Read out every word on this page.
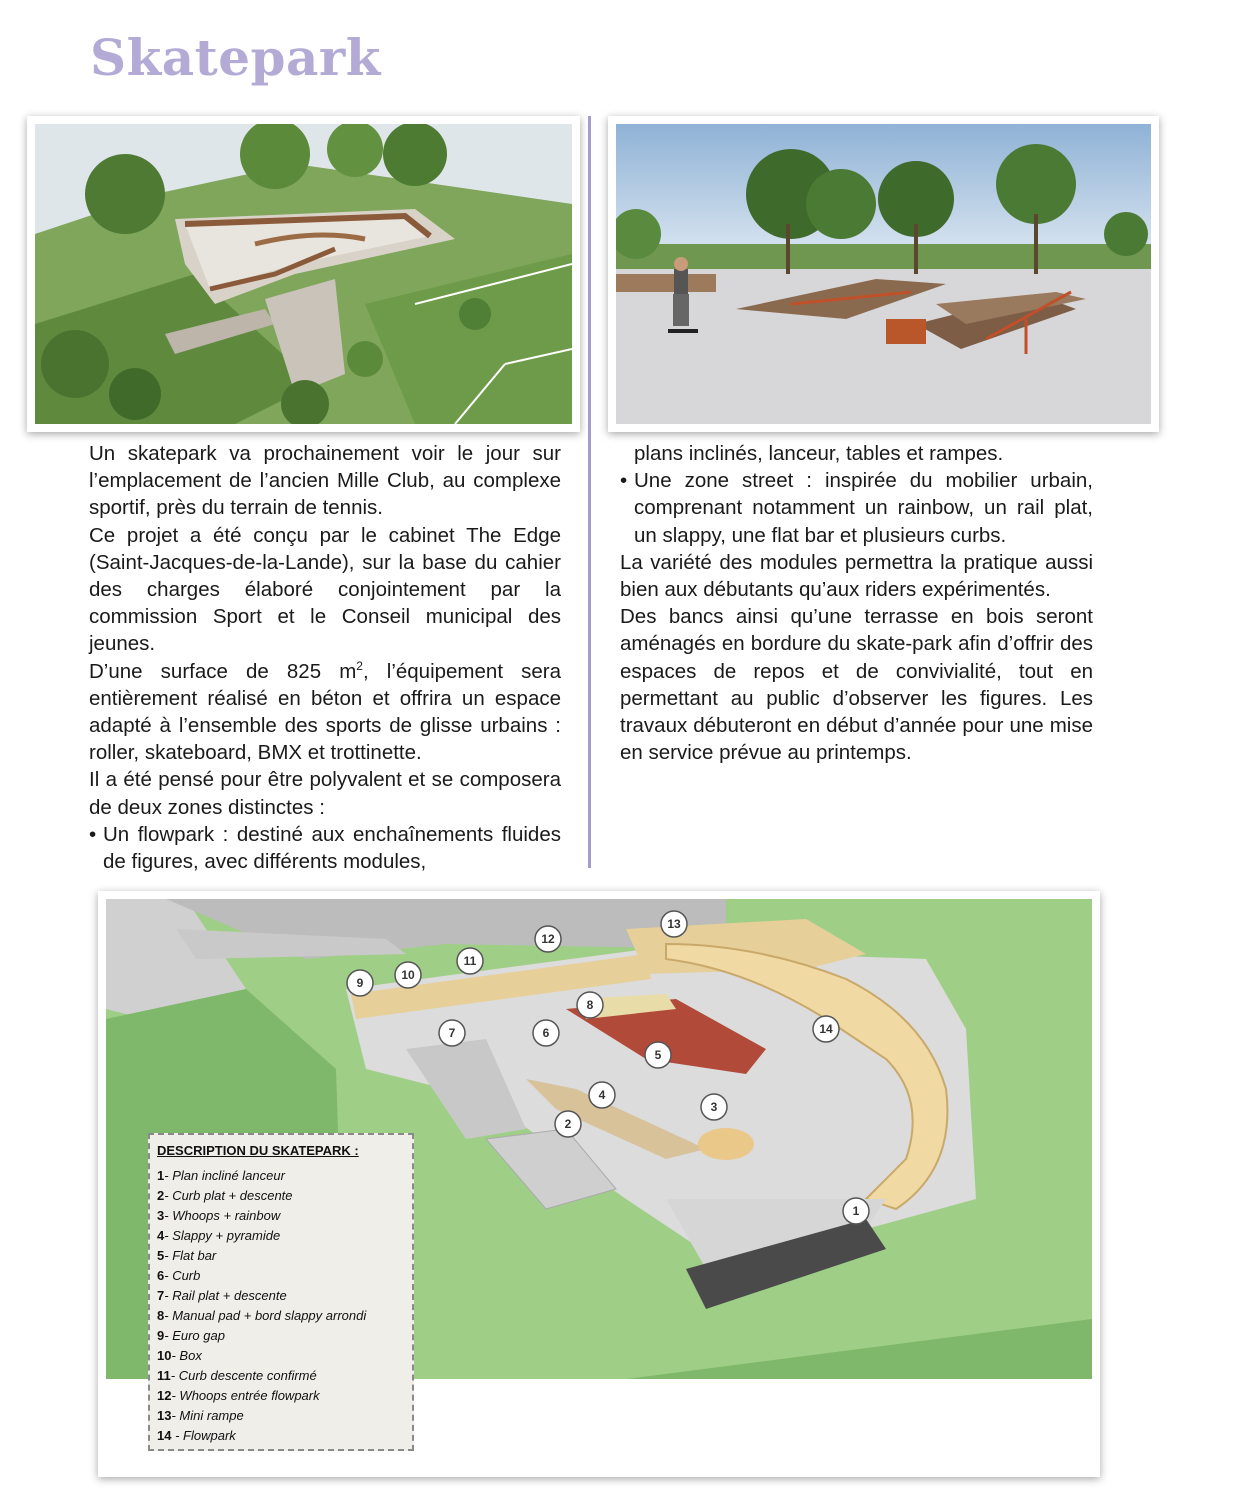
Skatepark

Un skatepark va prochainement voir le jour sur l’emplacement de l’ancien Mille Club, au complexe sportif, près du terrain de tennis.

Ce projet a été conçu par le cabinet The Edge (Saint-Jacques-de-la-Lande), sur la base du cahier des charges élaboré conjointement par la commission Sport et le Conseil municipal des jeunes.

D’une surface de 825 $m^2$, l’équipement sera entièrement réalisé en béton et offrira un espace adapté à l’ensemble des sports de glisse urbains : roller, skateboard, BMX et trottinette.

Il a été pensé pour être polyvalent et se composera de deux zones distinctes :

• Un flowpark : destiné aux enchaînements fluides de figures, avec différents modules,

plans inclinés, lanceur, tables et rampes.

• Une zone street : inspirée du mobilier urbain, comprenant notamment un rainbow, un rail plat, un slappy, une flat bar et plusieurs curbs.

La variété des modules permettra la pratique aussi bien aux débutants qu’aux riders expérimentés.

Des bancs ainsi qu’une terrasse en bois seront aménagés en bordure du skate-park afin d’offrir des espaces de repos et de convivialité, tout en permettant au public d’observer les figures. Les travaux débuteront en début d’année pour une mise en service prévue au printemps.

1
2
3
4
5
6
7
8
9
10
11
12
13
14
DESCRIPTION DU SKATEPARK :
1- Plan incliné lanceur
2- Curb plat + descente
3- Whoops + rainbow
4- Slappy + pyramide
5- Flat bar
6- Curb
7- Rail plat + descente
8- Manual pad + bord slappy arrondi
9- Euro gap
10- Box
11- Curb descente confirmé
12- Whoops entrée flowpark
13- Mini rampe
14 - Flowpark
